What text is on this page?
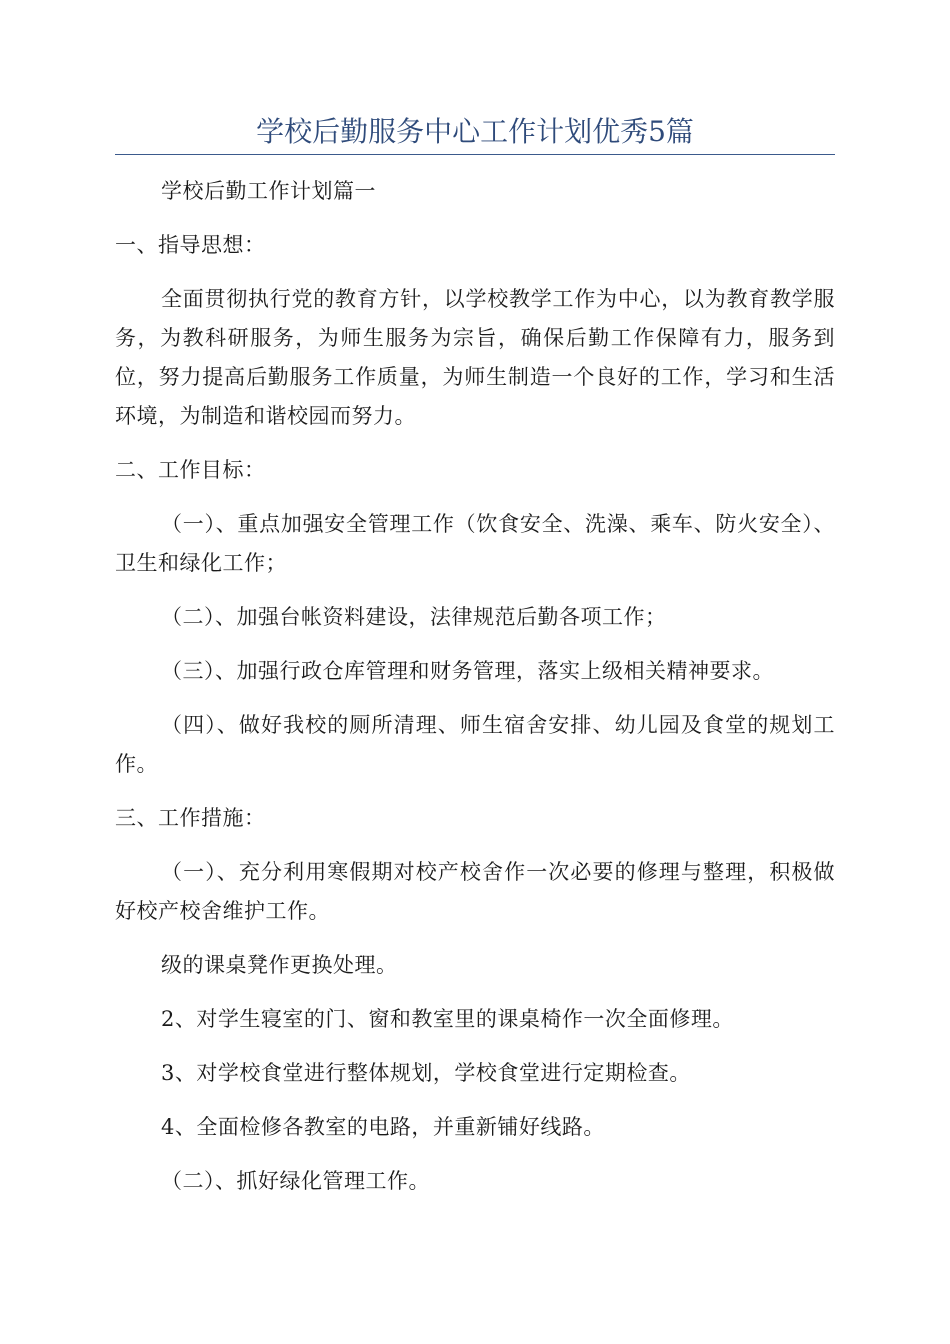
学校后勤服务中心工作计划优秀5篇

学校后勤工作计划篇一

一、指导思想：

全面贯彻执行党的教育方针，以学校教学工作为中心，以为教育教学服务，为教科研服务，为师生服务为宗旨，确保后勤工作保障有力，服务到位，努力提高后勤服务工作质量，为师生制造一个良好的工作，学习和生活环境，为制造和谐校园而努力。

二、工作目标：

（一）、重点加强安全管理工作（饮食安全、洗澡、乘车、防火安全）、卫生和绿化工作；

（二）、加强台帐资料建设，法律规范后勤各项工作；

（三）、加强行政仓库管理和财务管理，落实上级相关精神要求。

（四）、做好我校的厕所清理、师生宿舍安排、幼儿园及食堂的规划工作。

三、工作措施：

（一）、充分利用寒假期对校产校舍作一次必要的修理与整理，积极做好校产校舍维护工作。

级的课桌凳作更换处理。

2、对学生寝室的门、窗和教室里的课桌椅作一次全面修理。

3、对学校食堂进行整体规划，学校食堂进行定期检查。

4、全面检修各教室的电路，并重新铺好线路。

（二）、抓好绿化管理工作。
